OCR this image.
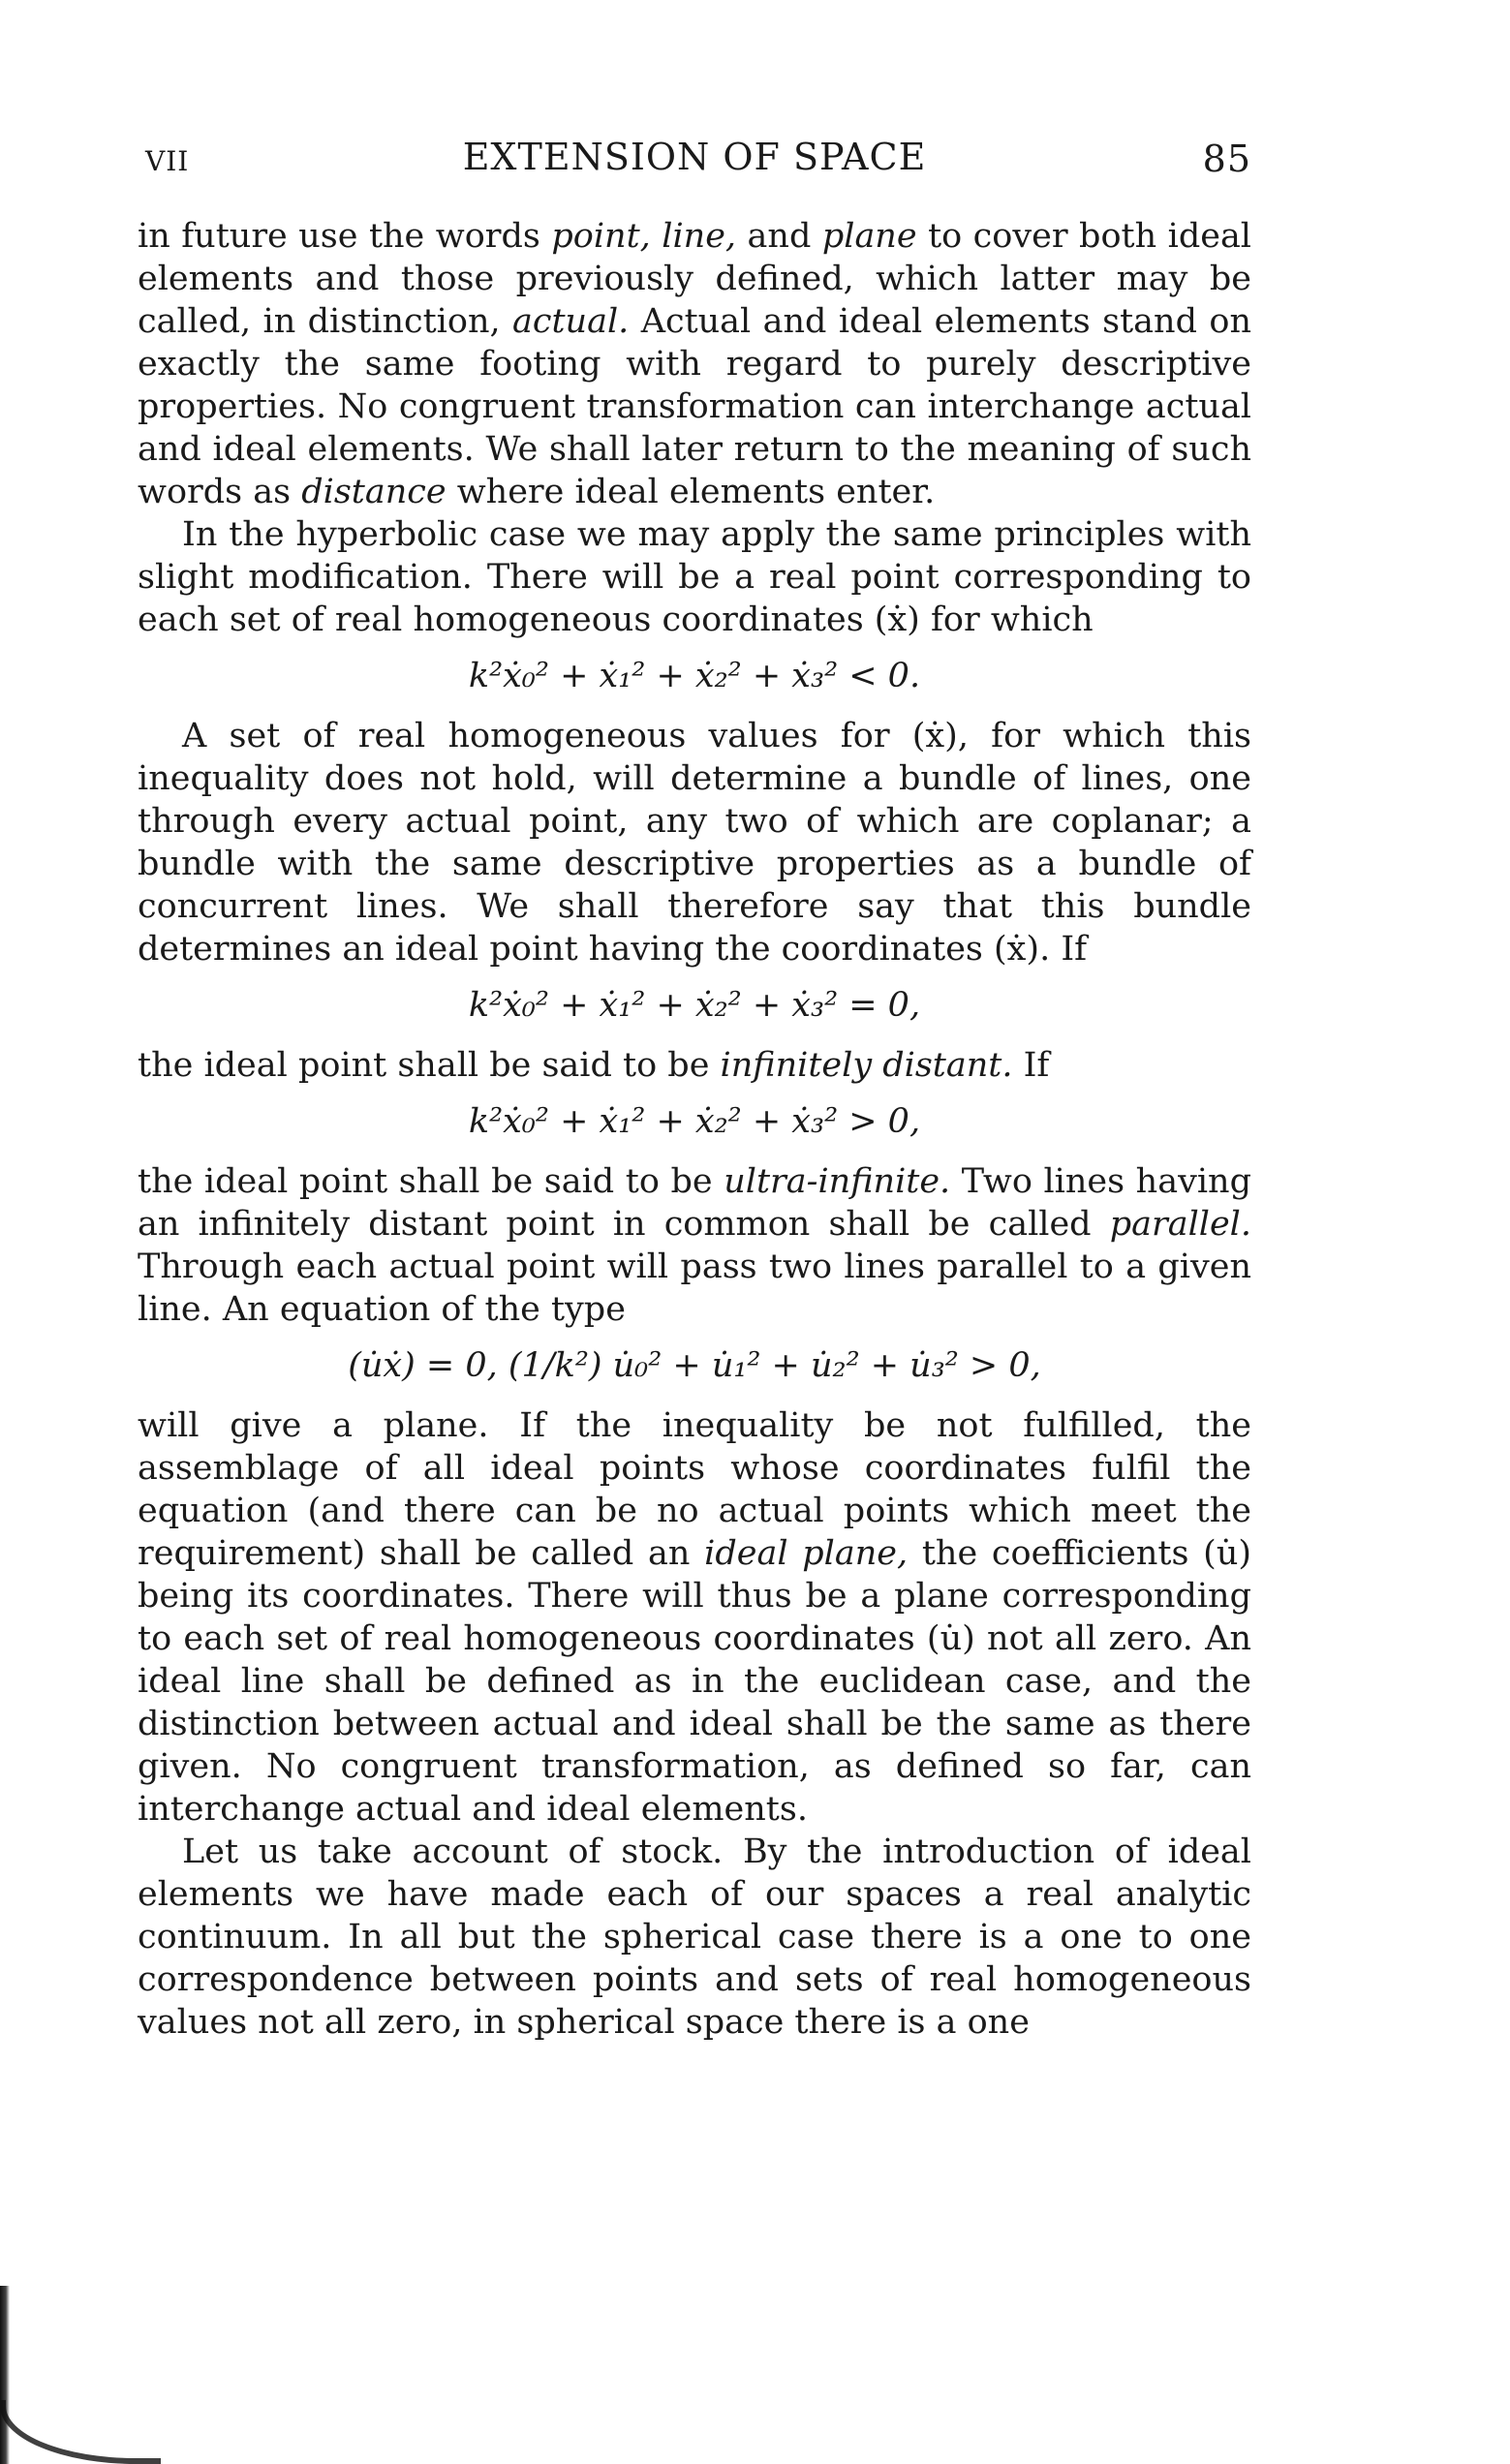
VII	EXTENSION OF SPACE	85

in future use the words point, line, and plane to cover both ideal elements and those previously defined, which latter may be called, in distinction, actual. Actual and ideal elements stand on exactly the same footing with regard to purely descriptive properties. No congruent transformation can interchange actual and ideal elements. We shall later return to the meaning of such words as distance where ideal elements enter.

In the hyperbolic case we may apply the same principles with slight modification. There will be a real point corresponding to each set of real homogeneous coordinates (ẋ) for which

k²ẋ₀² + ẋ₁² + ẋ₂² + ẋ₃² < 0.

A set of real homogeneous values for (ẋ), for which this inequality does not hold, will determine a bundle of lines, one through every actual point, any two of which are coplanar; a bundle with the same descriptive properties as a bundle of concurrent lines. We shall therefore say that this bundle determines an ideal point having the coordinates (ẋ). If

k²ẋ₀² + ẋ₁² + ẋ₂² + ẋ₃² = 0,

the ideal point shall be said to be infinitely distant. If

k²ẋ₀² + ẋ₁² + ẋ₂² + ẋ₃² > 0,

the ideal point shall be said to be ultra-infinite. Two lines having an infinitely distant point in common shall be called parallel. Through each actual point will pass two lines parallel to a given line. An equation of the type

(u̇ẋ) = 0, (1/k²) u̇₀² + u̇₁² + u̇₂² + u̇₃² > 0,

will give a plane. If the inequality be not fulfilled, the assemblage of all ideal points whose coordinates fulfil the equation (and there can be no actual points which meet the requirement) shall be called an ideal plane, the coefficients (u̇) being its coordinates. There will thus be a plane corresponding to each set of real homogeneous coordinates (u̇) not all zero. An ideal line shall be defined as in the euclidean case, and the distinction between actual and ideal shall be the same as there given. No congruent transformation, as defined so far, can interchange actual and ideal elements.

Let us take account of stock. By the introduction of ideal elements we have made each of our spaces a real analytic continuum. In all but the spherical case there is a one to one correspondence between points and sets of real homogeneous values not all zero, in spherical space there is a one
